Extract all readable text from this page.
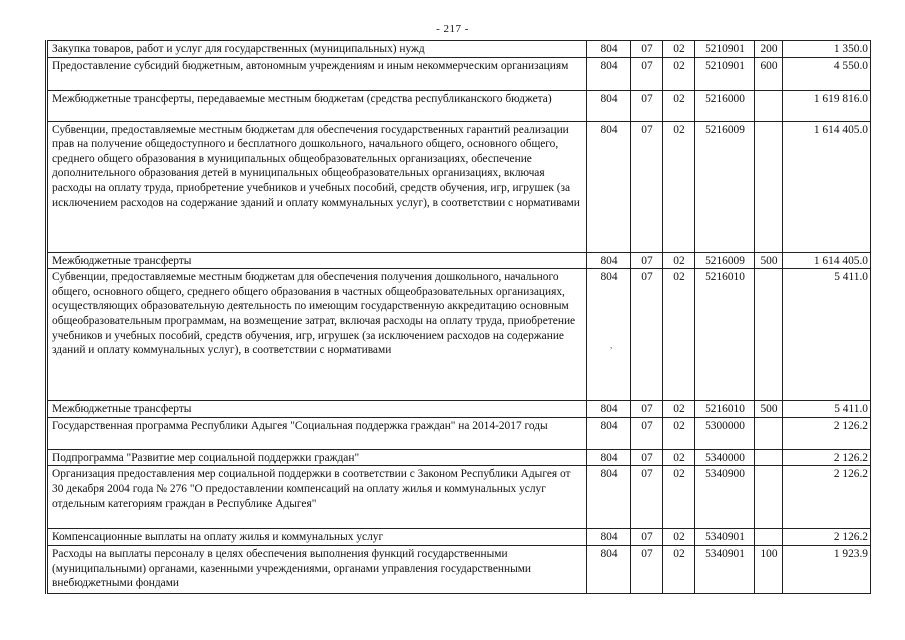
- 217 -
Закупка товаров, работ и услуг для государственных (муниципальных) нужд	804	07	02	5210901	200	1 350.0
Предоставление субсидий бюджетным, автономным учреждениям и иным некоммерческим организациям	804	07	02	5210901	600	4 550.0
Межбюджетные трансферты, передаваемые местным бюджетам (средства республиканского бюджета)	804	07	02	5216000		1 619 816.0
Субвенции, предоставляемые местным бюджетам для обеспечения государственных гарантий реализации прав на получение общедоступного и бесплатного дошкольного, начального общего, основного общего, среднего общего образования в муниципальных общеобразовательных организациях, обеспечение дополнительного образования детей в муниципальных общеобразовательных организациях, включая расходы на оплату труда, приобретение учебников и учебных пособий, средств обучения, игр, игрушек (за исключением расходов на содержание зданий и оплату коммунальных услуг), в соответствии с нормативами	804	07	02	5216009		1 614 405.0
Межбюджетные трансферты	804	07	02	5216009	500	1 614 405.0
Субвенции, предоставляемые местным бюджетам для обеспечения получения дошкольного, начального общего, основного общего, среднего общего образования в частных общеобразовательных организациях, осуществляющих образовательную деятельность по имеющим государственную аккредитацию основным общеобразовательным программам, на возмещение затрат, включая расходы на оплату труда, приобретение учебников и учебных пособий, средств обучения, игр, игрушек (за исключением расходов на содержание зданий и оплату коммунальных услуг), в соответствии с нормативами	804	07	02	5216010		5 411.0
Межбюджетные трансферты	804	07	02	5216010	500	5 411.0
Государственная программа Республики Адыгея "Социальная поддержка граждан" на 2014-2017 годы	804	07	02	5300000		2 126.2
Подпрограмма "Развитие мер социальной поддержки граждан"	804	07	02	5340000		2 126.2
Организация предоставления мер социальной поддержки в соответствии с Законом Республики Адыгея от 30 декабря 2004 года № 276 "О предоставлении компенсаций на оплату жилья и коммунальных услуг отдельным категориям граждан в Республике Адыгея"	804	07	02	5340900		2 126.2
Компенсационные выплаты на оплату жилья и коммунальных услуг	804	07	02	5340901		2 126.2
Расходы на выплаты персоналу в целях обеспечения выполнения функций государственными (муниципальными) органами, казенными учреждениями, органами управления государственными внебюджетными фондами	804	07	02	5340901	100	1 923.9
,
